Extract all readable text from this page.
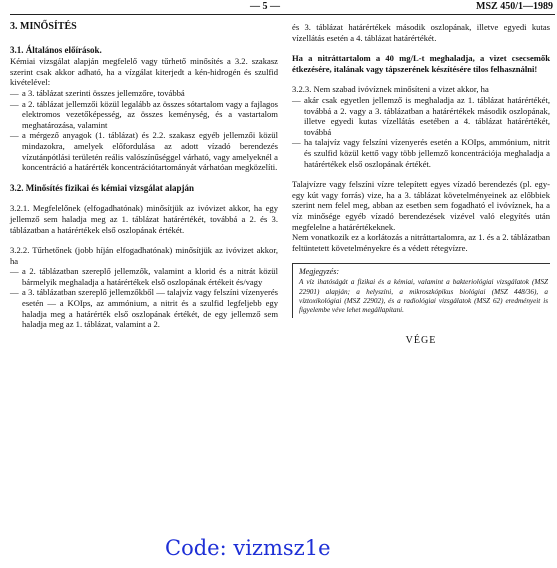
— 5 —	MSZ 450/1—1989
3. MINŐSÍTÉS
3.1. Általános előírások.

Kémiai vizsgálat alapján megfelelő vagy tűrhető minősítés a 3.2. szakasz szerint csak akkor adható, ha a vízgálat kiterjedt a kén-hidrogén és szulfid kivételével:

— a 3. táblázat szerinti összes jellemzőre, továbbá
— a 2. táblázat jellemzői közül legalább az összes sótartalom vagy a fajlagos elektromos vezetőképesség, az összes keménység, és a vastartalom meghatározása, valamint
— a mérgező anyagok (1. táblázat) és 2.2. szakasz egyéb jellemzői közül mindazokra, amelyek előfordulása az adott vízadó berendezés vízutánpótlási területén reális valószínűséggel várható, vagy amelyeknél a koncentráció a határérték koncentrációtartományát várhatóan megközelíti.
3.2. Minősítés fizikai és kémiai vizsgálat alapján

3.2.1. Megfelelőnek (elfogadhatónak) minősítjük az ivóvizet akkor, ha egy jellemző sem haladja meg az 1. táblázat határértékét, továbbá a 2. és 3. táblázatban a határértékek első oszlopának értékét.

3.2.2. Tűrhetőnek (jobb híján elfogadhatónak) minősítjük az ivóvizet akkor, ha

— a 2. táblázatban szereplő jellemzők, valamint a klorid és a nitrát közül bármelyik meghaladja a határértékek első oszlopának értékeit és/vagy
— a 3. táblázatban szereplő jellemzőkből — talajvíz vagy felszíni vízenyerés esetén — a KOIps, az ammónium, a nitrit és a szulfid legfeljebb egy haladja meg a határérték első oszlopának értékét, de egy jellemző sem haladja meg az 1. táblázat, valamint a 2.

és 3. táblázat határértékek második oszlopának, illetve egyedi kutas vízellátás esetén a 4. táblázat határértékét.

Ha a nitráttartalom a 40 mg/L-t meghaladja, a vizet csecsemők étkezésére, italának vagy tápszerének készítésére tilos felhasználni!

3.2.3. Nem szabad ivóvíznek minősíteni a vizet akkor, ha

— akár csak egyetlen jellemző is meghaladja az 1. táblázat határértékét, továbbá a 2. vagy a 3. táblázatban a határértékek második oszlopának, illetve egyedi kutas vízellátás esetében a 4. táblázat határértékét, továbbá
— ha talajvíz vagy felszíni vízenyerés esetén a KOIps, ammónium, nitrit és szulfid közül kettő vagy több jellemző koncentrációja meghaladja a határértékek első oszlopának értékét.

Talajvízre vagy felszíni vízre telepített egyes vízadó berendezés (pl. egy-egy kút vagy forrás) vize, ha a 3. táblázat követelményeinek az előbbiek szerint nem felel meg, abban az esetben sem fogadható el ivóvíznek, ha a víz minősége egyéb vízadó berendezések vizével való elegyítés után megfelelne a határértékeknek.

Nem vonatkozik ez a korlátozás a nitráttartalomra, az 1. és a 2. táblázatban feltüntetett követelményekre és a védett rétegvízre.

Megjegyzés:
A víz ihatóságát a fizikai és a kémiai, valamint a bakteriológiai vizsgálatok (MSZ 22901) alapján; a helyszíni, a mikroszkópikus biológiai (MSZ 448/36), a víztoxikológiai (MSZ 22902), és a radiológiai vizsgálatok (MSZ 62) eredményeit is figyelembe véve lehet megállapítani.
VÉGE
Code: vizmsz1e
